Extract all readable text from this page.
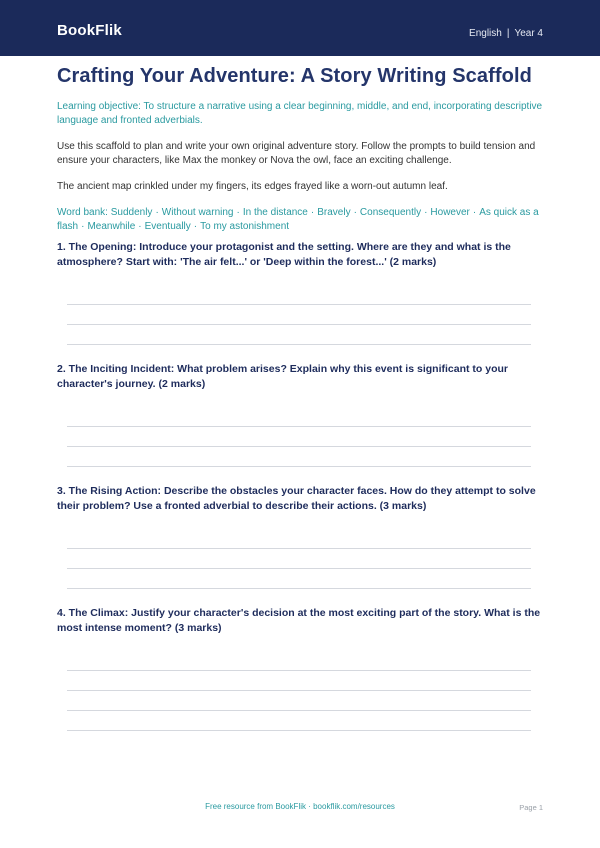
BookFlik	English | Year 4
Crafting Your Adventure: A Story Writing Scaffold

Learning objective: To structure a narrative using a clear beginning, middle, and end, incorporating descriptive language and fronted adverbials.

Use this scaffold to plan and write your own original adventure story. Follow the prompts to build tension and ensure your characters, like Max the monkey or Nova the owl, face an exciting challenge.

The ancient map crinkled under my fingers, its edges frayed like a worn-out autumn leaf.

Word bank: Suddenly · Without warning · In the distance · Bravely · Consequently · However · As quick as a flash · Meanwhile · Eventually · To my astonishment

1. The Opening: Introduce your protagonist and the setting. Where are they and what is the atmosphere? Start with: 'The air felt...' or 'Deep within the forest...' (2 marks)
2. The Inciting Incident: What problem arises? Explain why this event is significant to your character's journey. (2 marks)
3. The Rising Action: Describe the obstacles your character faces. How do they attempt to solve their problem? Use a fronted adverbial to describe their actions. (3 marks)
4. The Climax: Justify your character's decision at the most exciting part of the story. What is the most intense moment? (3 marks)
Free resource from BookFlik · bookflik.com/resources	Page 1
